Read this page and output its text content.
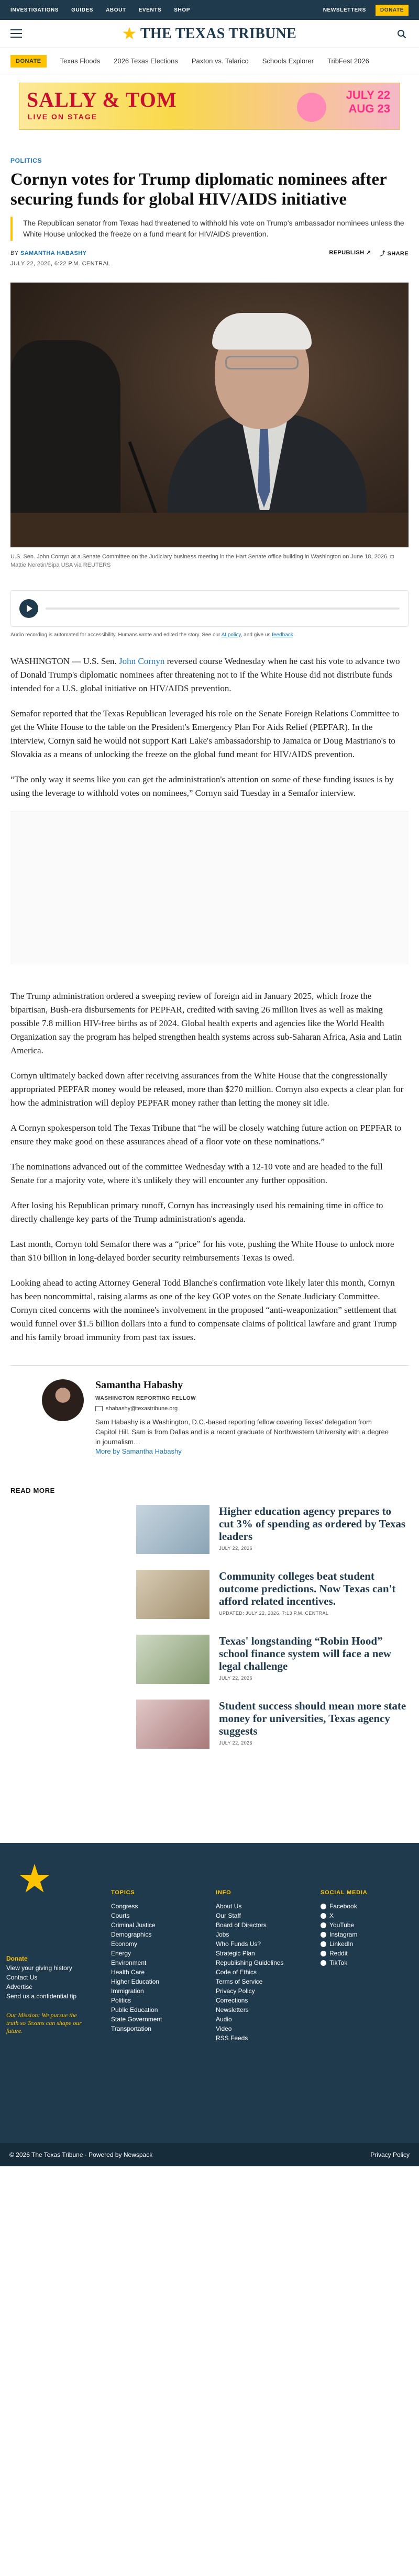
INVESTIGATIONS GUIDES ABOUT EVENTS SHOP	NEWSLETTERS	DONATE
THE TEXAS TRIBUNE
DONATE	Texas Floods 2026 Texas Elections Paxton vs. Talarico Schools Explorer TribFest 2026
SALLY & TOM
LIVE ON STAGE
JULY 22
AUG 23
POLITICS
Cornyn votes for Trump diplomatic nominees after securing funds for global HIV/AIDS initiative
The Republican senator from Texas had threatened to withhold his vote on Trump's ambassador nominees unless the White House unlocked the freeze on a fund meant for HIV/AIDS prevention.
BY
SAMANTHA HABASHY	REPUBLISH ↗ ⤴ SHARE
JULY 22, 2026, 6:22 P.M. CENTRAL
U.S. Sen. John Cornyn at a Senate Committee on the Judiciary business meeting in the Hart Senate office building in Washington on June 18, 2026. ◘ Mattie Neretin/Sipa USA via REUTERS
Audio recording is automated for accessibility. Humans wrote and edited the story. See our AI policy, and give us feedback.

WASHINGTON — U.S. Sen. John Cornyn reversed course Wednesday when he cast his vote to advance two of Donald Trump's diplomatic nominees after threatening not to if the White House did not distribute funds intended for a U.S. global initiative on HIV/AIDS prevention.

Semafor reported that the Texas Republican leveraged his role on the Senate Foreign Relations Committee to get the White House to the table on the President's Emergency Plan For Aids Relief (PEPFAR). In the interview, Cornyn said he would not support Kari Lake's ambassadorship to Jamaica or Doug Mastriano's to Slovakia as a means of unlocking the freeze on the global fund meant for HIV/AIDS prevention.

“The only way it seems like you can get the administration's attention on some of these funding issues is by using the leverage to withhold votes on nominees,” Cornyn said Tuesday in a Semafor interview.

The Trump administration ordered a sweeping review of foreign aid in January 2025, which froze the bipartisan, Bush-era disbursements for PEPFAR, credited with saving 26 million lives as well as making possible 7.8 million HIV-free births as of 2024. Global health experts and agencies like the World Health Organization say the program has helped strengthen health systems across sub-Saharan Africa, Asia and Latin America.

Cornyn ultimately backed down after receiving assurances from the White House that the congressionally appropriated PEPFAR money would be released, more than $270 million. Cornyn also expects a clear plan for how the administration will deploy PEPFAR money rather than letting the money sit idle.

A Cornyn spokesperson told The Texas Tribune that “he will be closely watching future action on PEPFAR to ensure they make good on these assurances ahead of a floor vote on these nominations.”

The nominations advanced out of the committee Wednesday with a 12-10 vote and are headed to the full Senate for a majority vote, where it's unlikely they will encounter any further opposition.

After losing his Republican primary runoff, Cornyn has increasingly used his remaining time in office to directly challenge key parts of the Trump administration's agenda.

Last month, Cornyn told Semafor there was a “price” for his vote, pushing the White House to unlock more than $10 billion in long-delayed border security reimbursements Texas is owed.

Looking ahead to acting Attorney General Todd Blanche's confirmation vote likely later this month, Cornyn has been noncommittal, raising alarms as one of the key GOP votes on the Senate Judiciary Committee. Cornyn cited concerns with the nominee's involvement in the proposed “anti-weaponization” settlement that would funnel over $1.5 billion dollars into a fund to compensate claims of political lawfare and grant Trump and his family broad immunity from past tax issues.

Samantha Habashy
WASHINGTON REPORTING FELLOW
shabashy@texastribune.org
Sam Habashy is a Washington, D.C.-based reporting fellow covering Texas' delegation from Capitol Hill. Sam is from Dallas and is a recent graduate of Northwestern University with a degree in journalism…
More by Samantha Habashy
READ MORE
Higher education agency prepares to cut 3% of spending as ordered by Texas leaders
JULY 22, 2026
Community colleges beat student outcome predictions. Now Texas can't afford related incentives.
UPDATED: JULY 22, 2026, 7:13 P.M. CENTRAL
Texas' longstanding “Robin Hood” school finance system will face a new legal challenge
JULY 22, 2026
Student success should mean more state money for universities, Texas agency suggests
JULY 22, 2026
Donate
View your giving history
Contact Us
Advertise
Send us a confidential tip
Our Mission: We pursue the truth so Texans can shape our future.
TOPICS
Congress
Courts
Criminal Justice
Demographics
Economy
Energy
Environment
Health Care
Higher Education
Immigration
Politics
Public Education
State Government
Transportation
INFO
About Us
Our Staff
Board of Directors
Jobs
Who Funds Us?
Strategic Plan
Republishing Guidelines
Code of Ethics
Terms of Service
Privacy Policy
Corrections
Newsletters
Audio
Video
RSS Feeds
SOCIAL MEDIA
Facebook
X
YouTube
Instagram
LinkedIn
Reddit
TikTok
© 2026 The Texas Tribune · Powered by Newspack	Privacy Policy
